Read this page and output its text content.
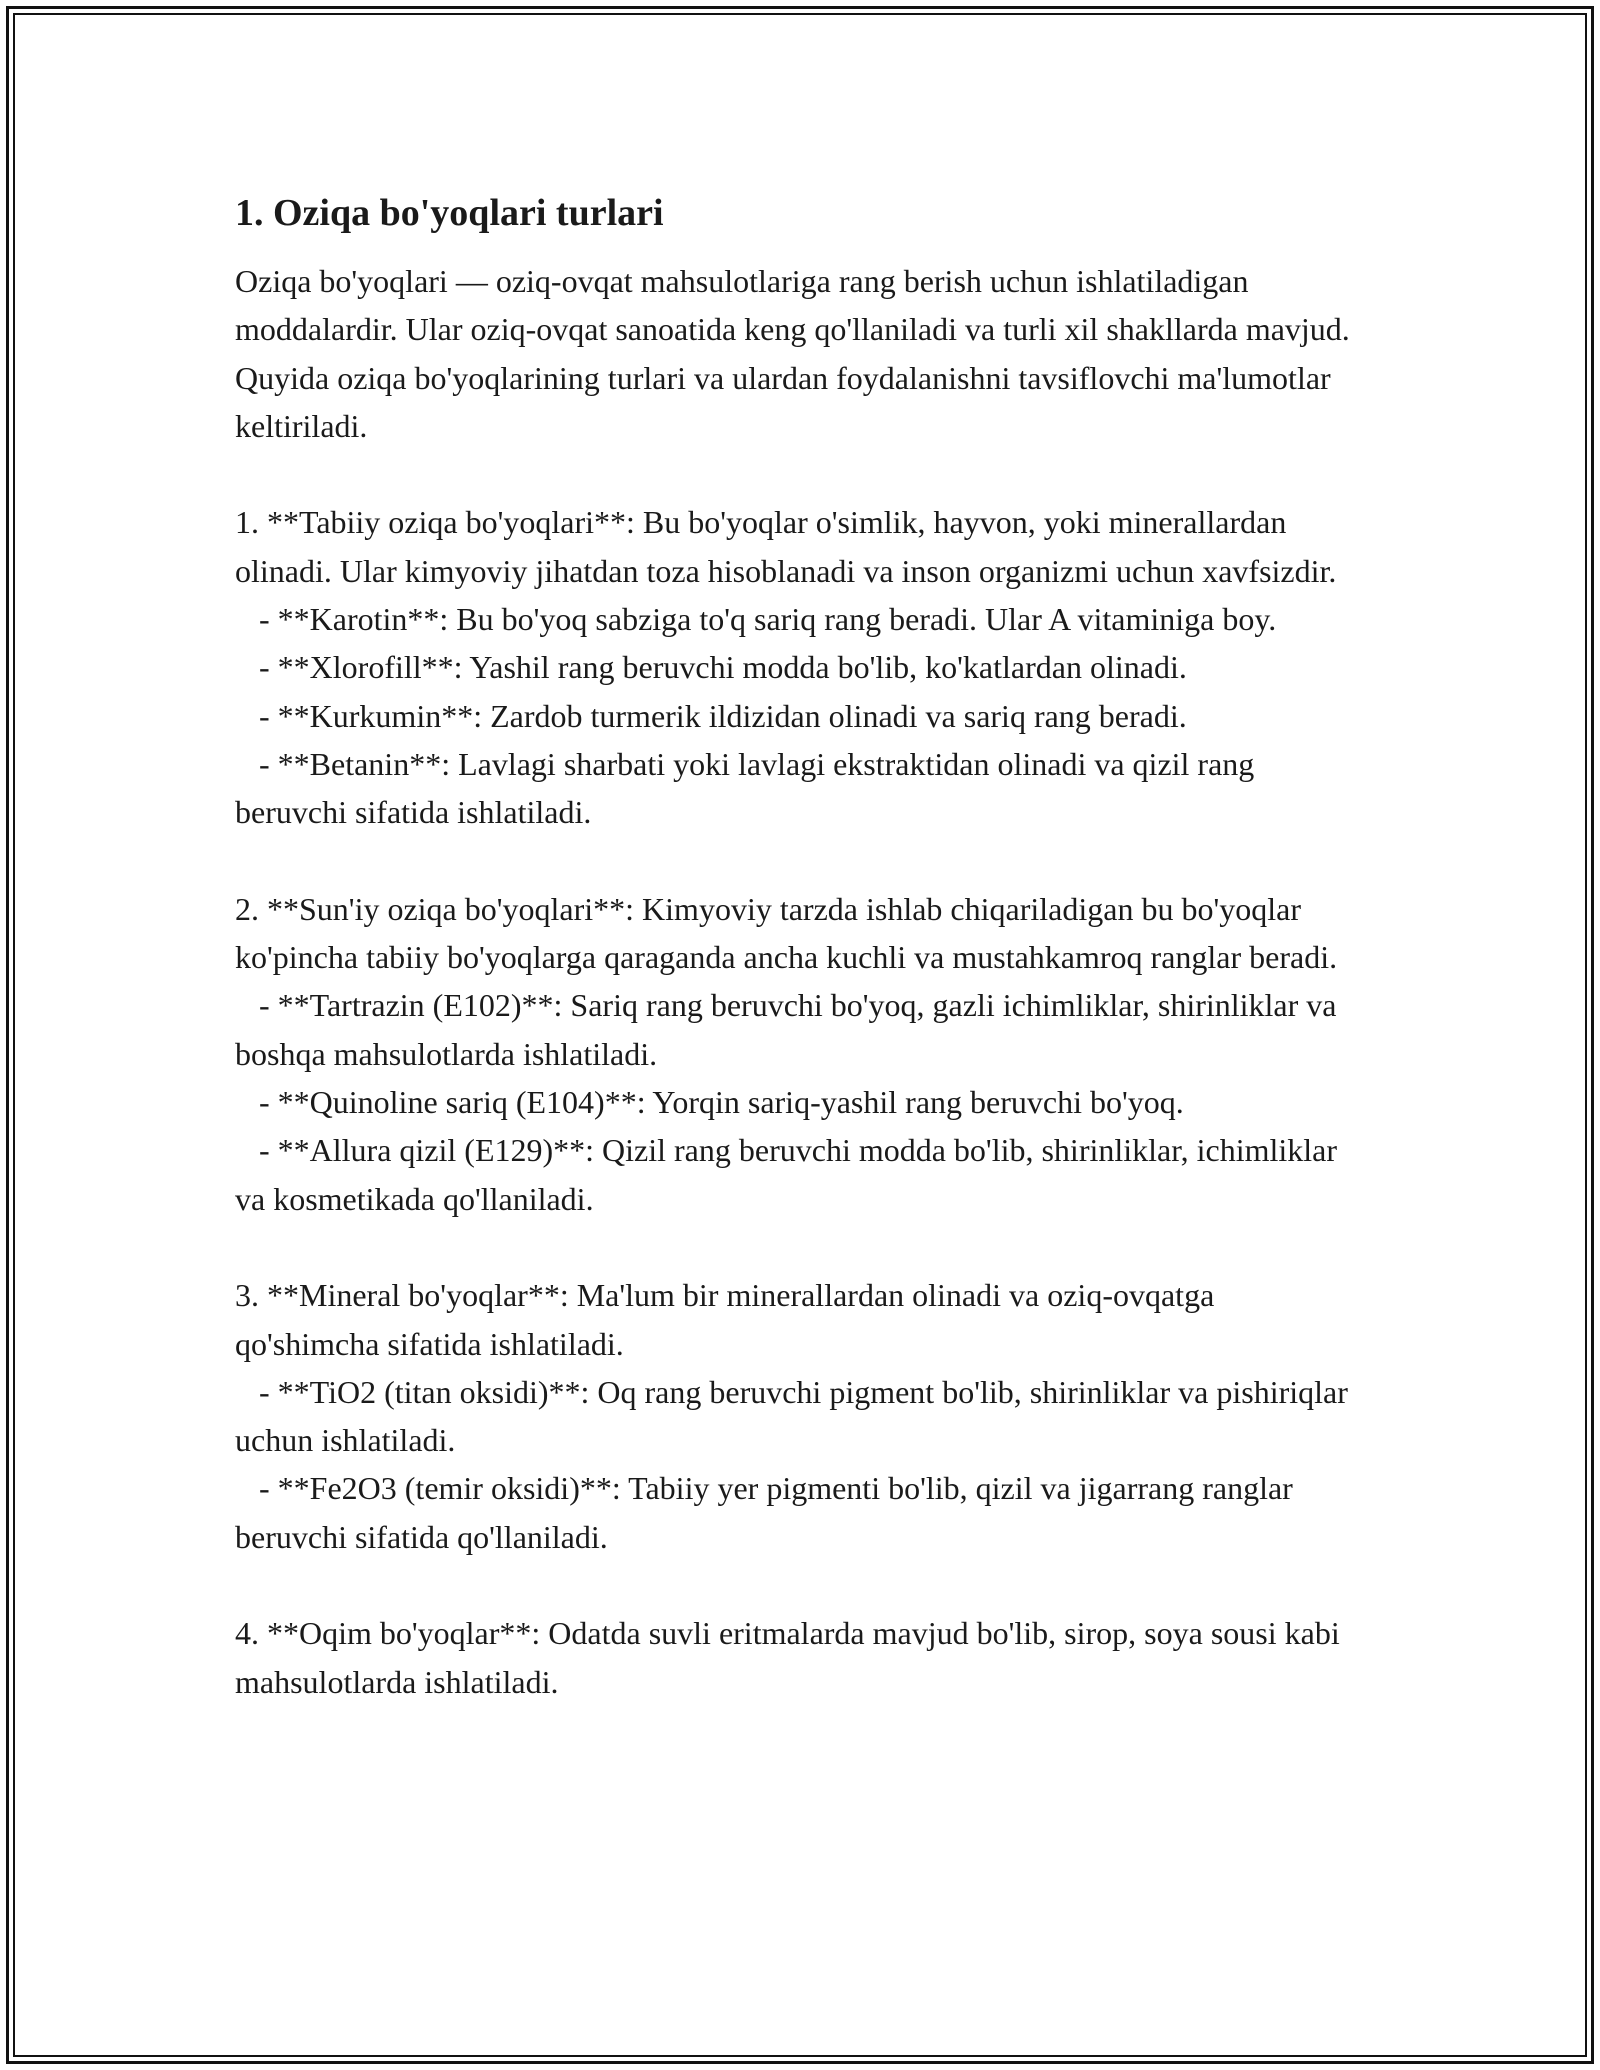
1. Oziqa bo'yoqlari turlari

Oziqa bo'yoqlari — oziq-ovqat mahsulotlariga rang berish uchun ishlatiladigan moddalardir. Ular oziq-ovqat sanoatida keng qo'llaniladi va turli xil shakllarda mavjud. Quyida oziqa bo'yoqlarining turlari va ulardan foydalanishni tavsiflovchi ma'lumotlar keltiriladi.

1. **Tabiiy oziqa bo'yoqlari**: Bu bo'yoqlar o'simlik, hayvon, yoki minerallardan olinadi. Ular kimyoviy jihatdan toza hisoblanadi va inson organizmi uchun xavfsizdir.

- **Karotin**: Bu bo'yoq sabziga to'q sariq rang beradi. Ular A vitaminiga boy.

- **Xlorofill**: Yashil rang beruvchi modda bo'lib, ko'katlardan olinadi.

- **Kurkumin**: Zardob turmerik ildizidan olinadi va sariq rang beradi.

- **Betanin**: Lavlagi sharbati yoki lavlagi ekstraktidan olinadi va qizil rang beruvchi sifatida ishlatiladi.

2. **Sun'iy oziqa bo'yoqlari**: Kimyoviy tarzda ishlab chiqariladigan bu bo'yoqlar ko'pincha tabiiy bo'yoqlarga qaraganda ancha kuchli va mustahkamroq ranglar beradi.

- **Tartrazin (E102)**: Sariq rang beruvchi bo'yoq, gazli ichimliklar, shirinliklar va boshqa mahsulotlarda ishlatiladi.

- **Quinoline sariq (E104)**: Yorqin sariq-yashil rang beruvchi bo'yoq.

- **Allura qizil (E129)**: Qizil rang beruvchi modda bo'lib, shirinliklar, ichimliklar va kosmetikada qo'llaniladi.

3. **Mineral bo'yoqlar**: Ma'lum bir minerallardan olinadi va oziq-ovqatga qo'shimcha sifatida ishlatiladi.

- **TiO2 (titan oksidi)**: Oq rang beruvchi pigment bo'lib, shirinliklar va pishiriqlar uchun ishlatiladi.

- **Fe2O3 (temir oksidi)**: Tabiiy yer pigmenti bo'lib, qizil va jigarrang ranglar beruvchi sifatida qo'llaniladi.

4. **Oqim bo'yoqlar**: Odatda suvli eritmalarda mavjud bo'lib, sirop, soya sousi kabi mahsulotlarda ishlatiladi.
